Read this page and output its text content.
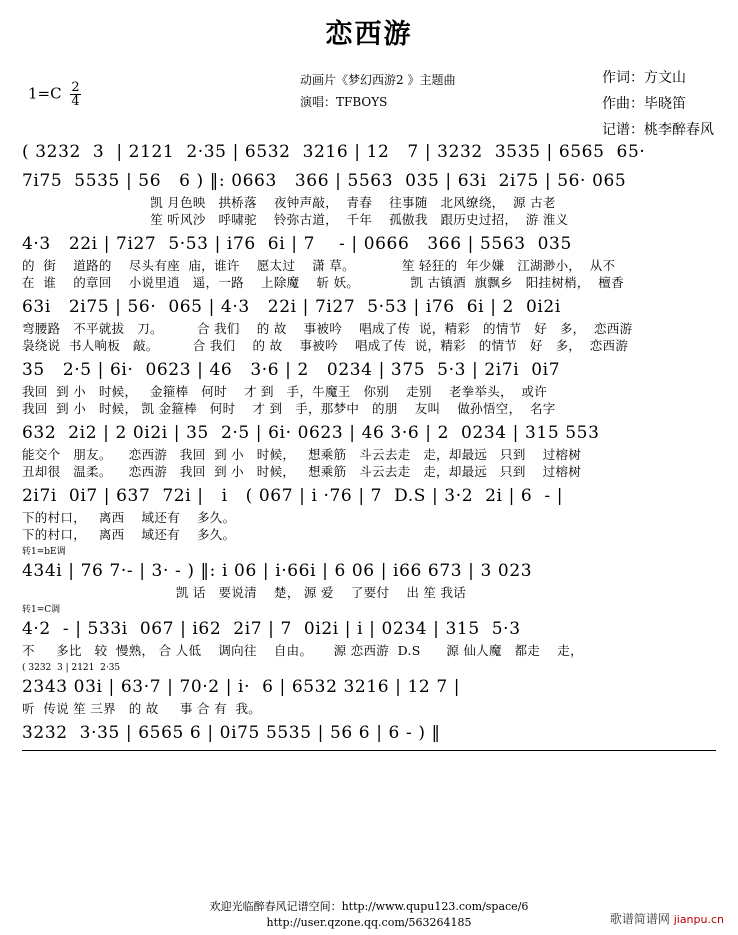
恋西游
$1=C \frac{2}{4}$
动画片《梦幻西游2 》主题曲
演唱：TFBOYS
作词：方文山
作曲：毕晓笛
记谱：桃李醉春风
( 3232  3  | 2121  2·35 | 6532  3216 | 12   7 | 3232  3535 | 6565  65·
7i75  5535 | 56   6 ) ‖: 0663   366 | 5563  035 | 63i  2i75 | 56· 065
凯 月色映   拱桥落    夜钟声敲，  青春    往事随   北风缭绕，  源 古老
笙 听风沙   呼啸驼    铃弥古道，  千年    孤傲我   跟历史过招，  游 淮义
4·3   22i | 7i27  5·53 | i76  6i | 7    - | 0666   366 | 5563  035
的  街    道路的    尽头有座  庙，谁许    愿太过    潇 草。           笙 轻狂的  年少嫌   江湖渺小，  从不
在  谁    的章回    小说里逍   遥，一路    上除魔    斩 妖。            凯 古镇酒  旗飘乡   阳挂树梢，  檀香
63i   2i75 | 56·  065 | 4·3   22i | 7i27  5·53 | i76  6i | 2  0i2i
弯腰路   不平就拔   刀。        合 我们    的 故    事被吟    唱成了传  说，精彩   的情节   好   多，  恋西游
袅绕说  书人响板   敲。        合 我们    的 故    事被吟    唱成了传  说，精彩   的情节   好   多，  恋西游
35   2·5 | 6i·  0623 | 46   3·6 | 2   0234 | 375  5·3 | 2i7i  0i7
我回  到 小   时候，   金箍棒   何时    才 到   手，牛魔王   你别    走别    老拳举头，  或许
我回  到 小   时候， 凯 金箍棒   何时    才 到   手，那梦中   的朋    友叫    做孙悟空，  名字
632  2i2 | 2 0i2i | 35  2·5 | 6i· 0623 | 46 3·6 | 2  0234 | 315 553
能交个   朋友。    恋西游   我回  到 小   时候，   想乘筋   斗云去走   走，却最远   只到    过榕树
丑却很   温柔。    恋西游   我回  到 小   时候，   想乘筋   斗云去走   走，却最远   只到    过榕树
2i7i  0i7 | 637  72i |   i   ( 067 | i ·76 | 7  D.S | 3·2  2i | 6  - |
下的村口，   离西    域还有    多久。
下的村口，   离西    域还有    多久。
转1=bE调
434i | 76 7·- | 3· - ) ‖: i 06 | i·66i | 6 06 | i66 673 | 3 023
凯 话   要说清    楚， 源 爱    了要付    出 笙 我话
转1=C调
4·2  - | 533i  067 | i62  2i7 | 7  0i2i | i | 0234 | 315  5·3
不     多比   较  慢熟， 合 人低    调向往    自由。     源 恋西游  D.S      源 仙人魔   都走    走，
( 3232  3 | 2121  2·35
2343 03i | 63·7 | 70·2 | i·  6 | 6532 3216 | 12 7 |
听  传说 笙 三界   的 故     事 合 有  我。
3232  3·35 | 6565 6 | 0i75 5535 | 56 6 | 6 - ) ‖
欢迎光临醉春风记谱空间：http://www.qupu123.com/space/6
http://user.qzone.qq.com/563264185	歌谱简谱网 jianpu.cn
